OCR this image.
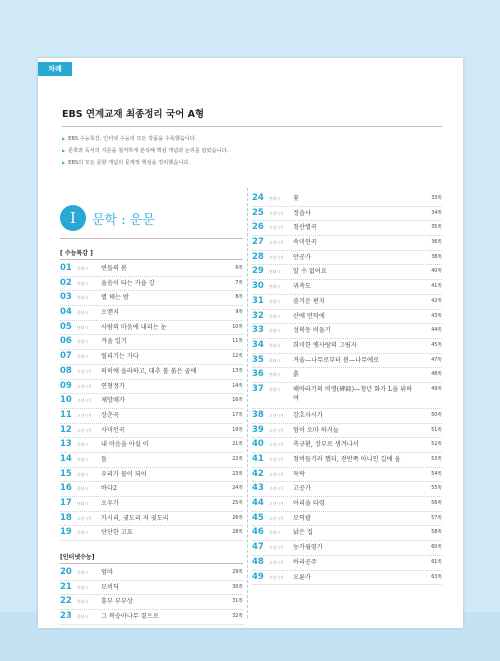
차례
EBS 연계교재 최종정리 국어 A형
▶ EBS 수능특강, 인터넷 수능의 모든 작품을 수록했습니다.
▶ 문학과 독서의 지문을 철저하게 분석해 핵심 개념과 논리를 담았습니다.
▶ EBS의 모든 문항 개념의 문제적 핵심을 정리했습니다.
I	문학 : 운문
[ 수능특강 ]
01	현대시	빈들의 봄	6쪽
02	현대시	울음이 타는 가을 강	7쪽
03	현대시	별 헤는 밤	8쪽
04	현대시	오랜지	9쪽
05	현대시	사람의 마음에 내리는 눈	10쪽
06	현대시	겨울 일기	11쪽
07	현대시	떨리기는 가다	12쪽
08	고전시가	히히에 올라하고, 대추 볼 붉은 골에	13쪽
09	고전시가	연형정가	14쪽
10	고전시가	제망매가	16쪽
11	고전시가	상춘곡	17쪽
12	고전시가	사미인곡	19쪽
13	현대시	내 마음을 아실 이	21쪽
14	현대시	돌	22쪽
15	현대시	우리가 물이 되어	23쪽
16	현대시	바다2	24쪽
17	현대시	오우가	25쪽
18	고전시가	가시리, 귓도리 저 귓도리	26쪽
19	현대시	단단한 고요	28쪽
[인터넷수능]
20	현대시	엄마	29쪽
21	현대시	모비딕	30쪽
22	현대시	흥부 부부상	31쪽
23	현대시	그 복숭아나무 곁으로	32쪽
24	현대시	꽃	33쪽
25	고전시가	정읍사	34쪽
26	고전시가	청산별곡	35쪽
27	고전시가	속미인곡	36쪽
28	고전시가	만공가	38쪽
29	현대시	알 수 없어요	40쪽
30	현대시	귀촉도	41쪽
31	현대시	즐거운 편지	42쪽
32	현대시	산에 언덕에	43쪽
33	현대시	성북동 비둘기	44쪽
34	현대시	희미한 옛사랑의 그림자	45쪽
35	현대시	겨울—나무로부터 봄—나무에로	47쪽
36	현대시	흙	48쪽
37	현대시	해바라기의 비명(碑銘)—청년 화가 L을 위하여
49쪽
38	고전시가	강호사시가	50쪽
39	고전시가	엄이 오마 하거늘	51쪽
40	고전시가	축규환, 장부로 생겨나서	52쪽
41	고전시가	청버들기러 했더, 전반쪽 아니인 길에 올	53쪽
42	고전시가	독락	54쪽
43	고전시가	고공가	55쪽
44	고전시가	어리을 타령	56쪽
45	고전시가	모덕괄	57쪽
46	현대시	낡은 집	58쪽
47	고전시가	농가월령가	60쪽
48	고전시가	바리공주	61쪽
49	고전시가	오륜가	63쪽
